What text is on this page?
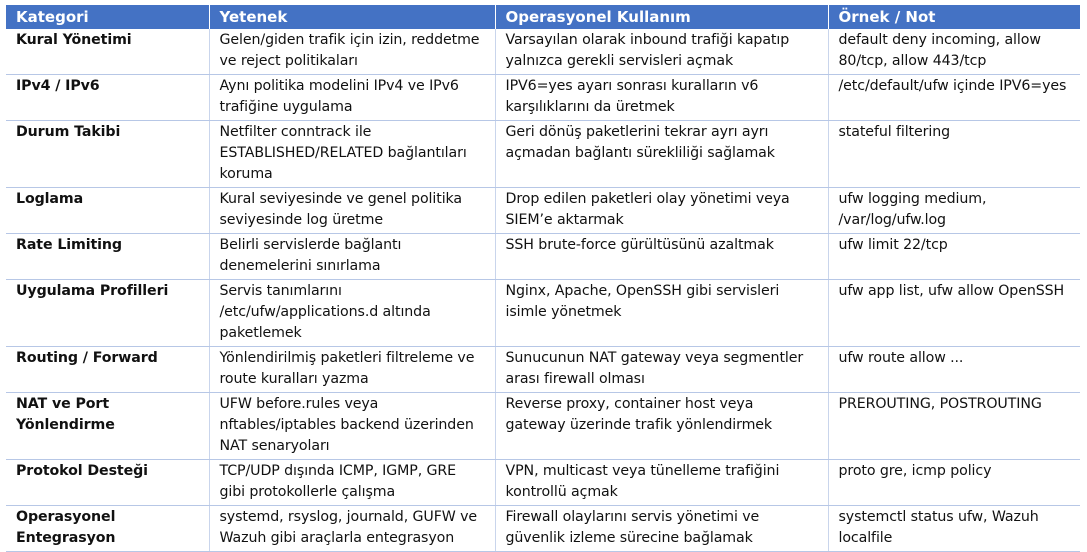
Kategori	Yetenek	Operasyonel Kullanım	Örnek / Not
Kural Yönetimi	Gelen/giden trafik için izin, reddetme ve reject politikaları	Varsayılan olarak inbound trafiği kapatıp yalnızca gerekli servisleri açmak	default deny incoming, allow 80/tcp, allow 443/tcp
IPv4 / IPv6	Aynı politika modelini IPv4 ve IPv6 trafiğine uygulama	IPV6=yes ayarı sonrası kuralların v6 karşılıklarını da üretmek	/etc/default/ufw içinde IPV6=yes
Durum Takibi	Netfilter conntrack ile ESTABLISHED/RELATED bağlantıları koruma	Geri dönüş paketlerini tekrar ayrı ayrı açmadan bağlantı sürekliliği sağlamak	stateful filtering
Loglama	Kural seviyesinde ve genel politika seviyesinde log üretme	Drop edilen paketleri olay yönetimi veya SIEM’e aktarmak	ufw logging medium, /var/log/ufw.log
Rate Limiting	Belirli servislerde bağlantı denemelerini sınırlama	SSH brute-force gürültüsünü azaltmak	ufw limit 22/tcp
Uygulama Profilleri	Servis tanımlarını /etc/ufw/applications.d altında paketlemek	Nginx, Apache, OpenSSH gibi servisleri isimle yönetmek	ufw app list, ufw allow OpenSSH
Routing / Forward	Yönlendirilmiş paketleri filtreleme ve route kuralları yazma	Sunucunun NAT gateway veya segmentler arası firewall olması	ufw route allow ...
NAT ve Port Yönlendirme	UFW before.rules veya nftables/iptables backend üzerinden NAT senaryoları	Reverse proxy, container host veya gateway üzerinde trafik yönlendirmek	PREROUTING, POSTROUTING
Protokol Desteği	TCP/UDP dışında ICMP, IGMP, GRE gibi protokollerle çalışma	VPN, multicast veya tünelleme trafiğini kontrollü açmak	proto gre, icmp policy
Operasyonel Entegrasyon	systemd, rsyslog, journald, GUFW ve Wazuh gibi araçlarla entegrasyon	Firewall olaylarını servis yönetimi ve güvenlik izleme sürecine bağlamak	systemctl status ufw, Wazuh localfile
